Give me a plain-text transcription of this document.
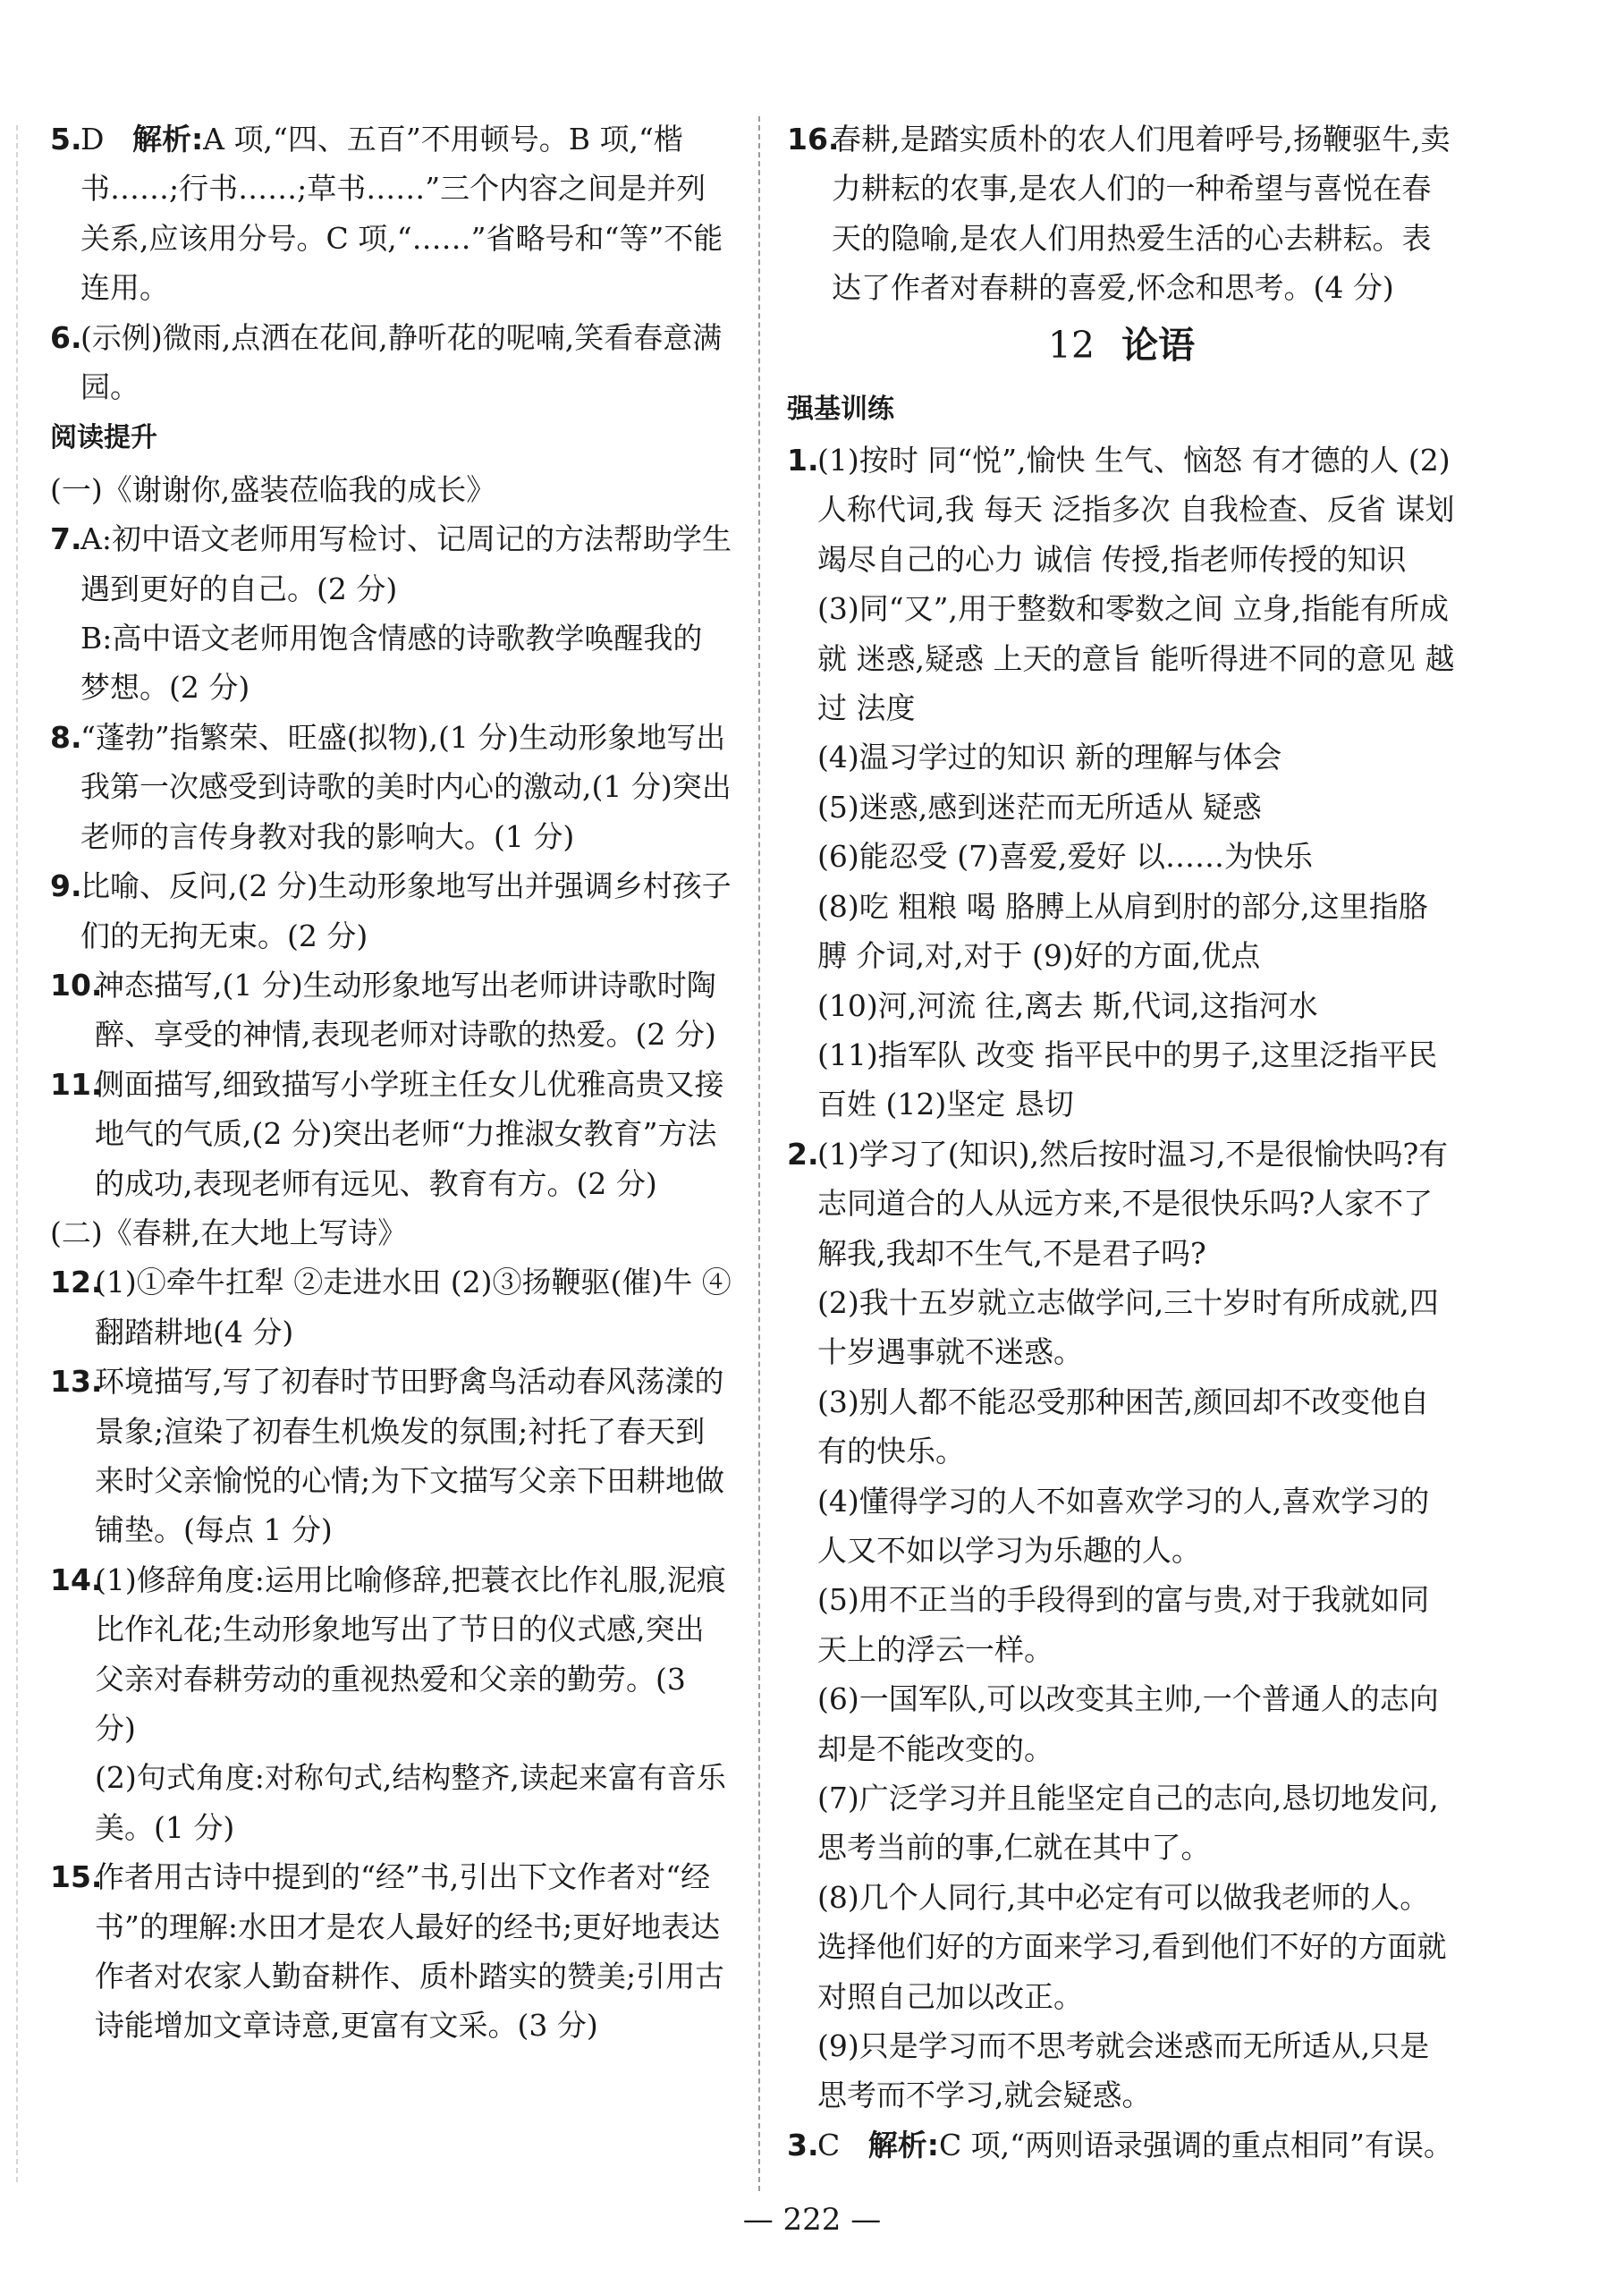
5.
D 解析:A 项,“四、五百”不用顿号。B 项,“楷书……;行书……;草书……”三个内容之间是并列关系,应该用分号。C 项,“……”省略号和“等”不能连用。
6.
(示例)微雨,点洒在花间,静听花的呢喃,笑看春意满园。
阅读提升
(一)《谢谢你,盛装莅临我的成长》
7.
A:初中语文老师用写检讨、记周记的方法帮助学生遇到更好的自己。(2 分)
B:高中语文老师用饱含情感的诗歌教学唤醒我的梦想。(2 分)
8.
“蓬勃”指繁荣、旺盛(拟物),(1 分)生动形象地写出我第一次感受到诗歌的美时内心的激动,(1 分)突出老师的言传身教对我的影响大。(1 分)
9.
比喻、反问,(2 分)生动形象地写出并强调乡村孩子们的无拘无束。(2 分)
10.
神态描写,(1 分)生动形象地写出老师讲诗歌时陶醉、享受的神情,表现老师对诗歌的热爱。(2 分)
11.
侧面描写,细致描写小学班主任女儿优雅高贵又接地气的气质,(2 分)突出老师“力推淑女教育”方法的成功,表现老师有远见、教育有方。(2 分)
(二)《春耕,在大地上写诗》
12.
(1)①牵牛扛犁 ②走进水田 (2)③扬鞭驱(催)牛 ④翻踏耕地(4 分)
13.
环境描写,写了初春时节田野禽鸟活动春风荡漾的景象;渲染了初春生机焕发的氛围;衬托了春天到来时父亲愉悦的心情;为下文描写父亲下田耕地做铺垫。(每点 1 分)
14.
(1)修辞角度:运用比喻修辞,把蓑衣比作礼服,泥痕比作礼花;生动形象地写出了节日的仪式感,突出父亲对春耕劳动的重视热爱和父亲的勤劳。(3 分)
(2)句式角度:对称句式,结构整齐,读起来富有音乐美。(1 分)
15.
作者用古诗中提到的“经”书,引出下文作者对“经书”的理解:水田才是农人最好的经书;更好地表达作者对农家人勤奋耕作、质朴踏实的赞美;引用古诗能增加文章诗意,更富有文采。(3 分)
16.
春耕,是踏实质朴的农人们甩着呼号,扬鞭驱牛,卖力耕耘的农事,是农人们的一种希望与喜悦在春天的隐喻,是农人们用热爱生活的心去耕耘。表达了作者对春耕的喜爱,怀念和思考。(4 分)
12 论语
强基训练
1.
(1)按时 同“悦”,愉快 生气、恼怒 有才德的人 (2)人称代词,我 每天 泛指多次 自我检查、反省 谋划 竭尽自己的心力 诚信 传授,指老师传授的知识
(3)同“又”,用于整数和零数之间 立身,指能有所成就 迷惑,疑惑 上天的意旨 能听得进不同的意见 越过 法度
(4)温习学过的知识 新的理解与体会
(5)迷惑,感到迷茫而无所适从 疑惑
(6)能忍受 (7)喜爱,爱好 以……为快乐
(8)吃 粗粮 喝 胳膊上从肩到肘的部分,这里指胳膊 介词,对,对于 (9)好的方面,优点
(10)河,河流 往,离去 斯,代词,这指河水
(11)指军队 改变 指平民中的男子,这里泛指平民百姓 (12)坚定 恳切
2.
(1)学习了(知识),然后按时温习,不是很愉快吗?有志同道合的人从远方来,不是很快乐吗?人家不了解我,我却不生气,不是君子吗?
(2)我十五岁就立志做学问,三十岁时有所成就,四十岁遇事就不迷惑。
(3)别人都不能忍受那种困苦,颜回却不改变他自有的快乐。
(4)懂得学习的人不如喜欢学习的人,喜欢学习的人又不如以学习为乐趣的人。
(5)用不正当的手段得到的富与贵,对于我就如同天上的浮云一样。
(6)一国军队,可以改变其主帅,一个普通人的志向却是不能改变的。
(7)广泛学习并且能坚定自己的志向,恳切地发问,思考当前的事,仁就在其中了。
(8)几个人同行,其中必定有可以做我老师的人。选择他们好的方面来学习,看到他们不好的方面就对照自己加以改正。
(9)只是学习而不思考就会迷惑而无所适从,只是思考而不学习,就会疑惑。
3.
C 解析:C 项,“两则语录强调的重点相同”有误。
— 222 —
